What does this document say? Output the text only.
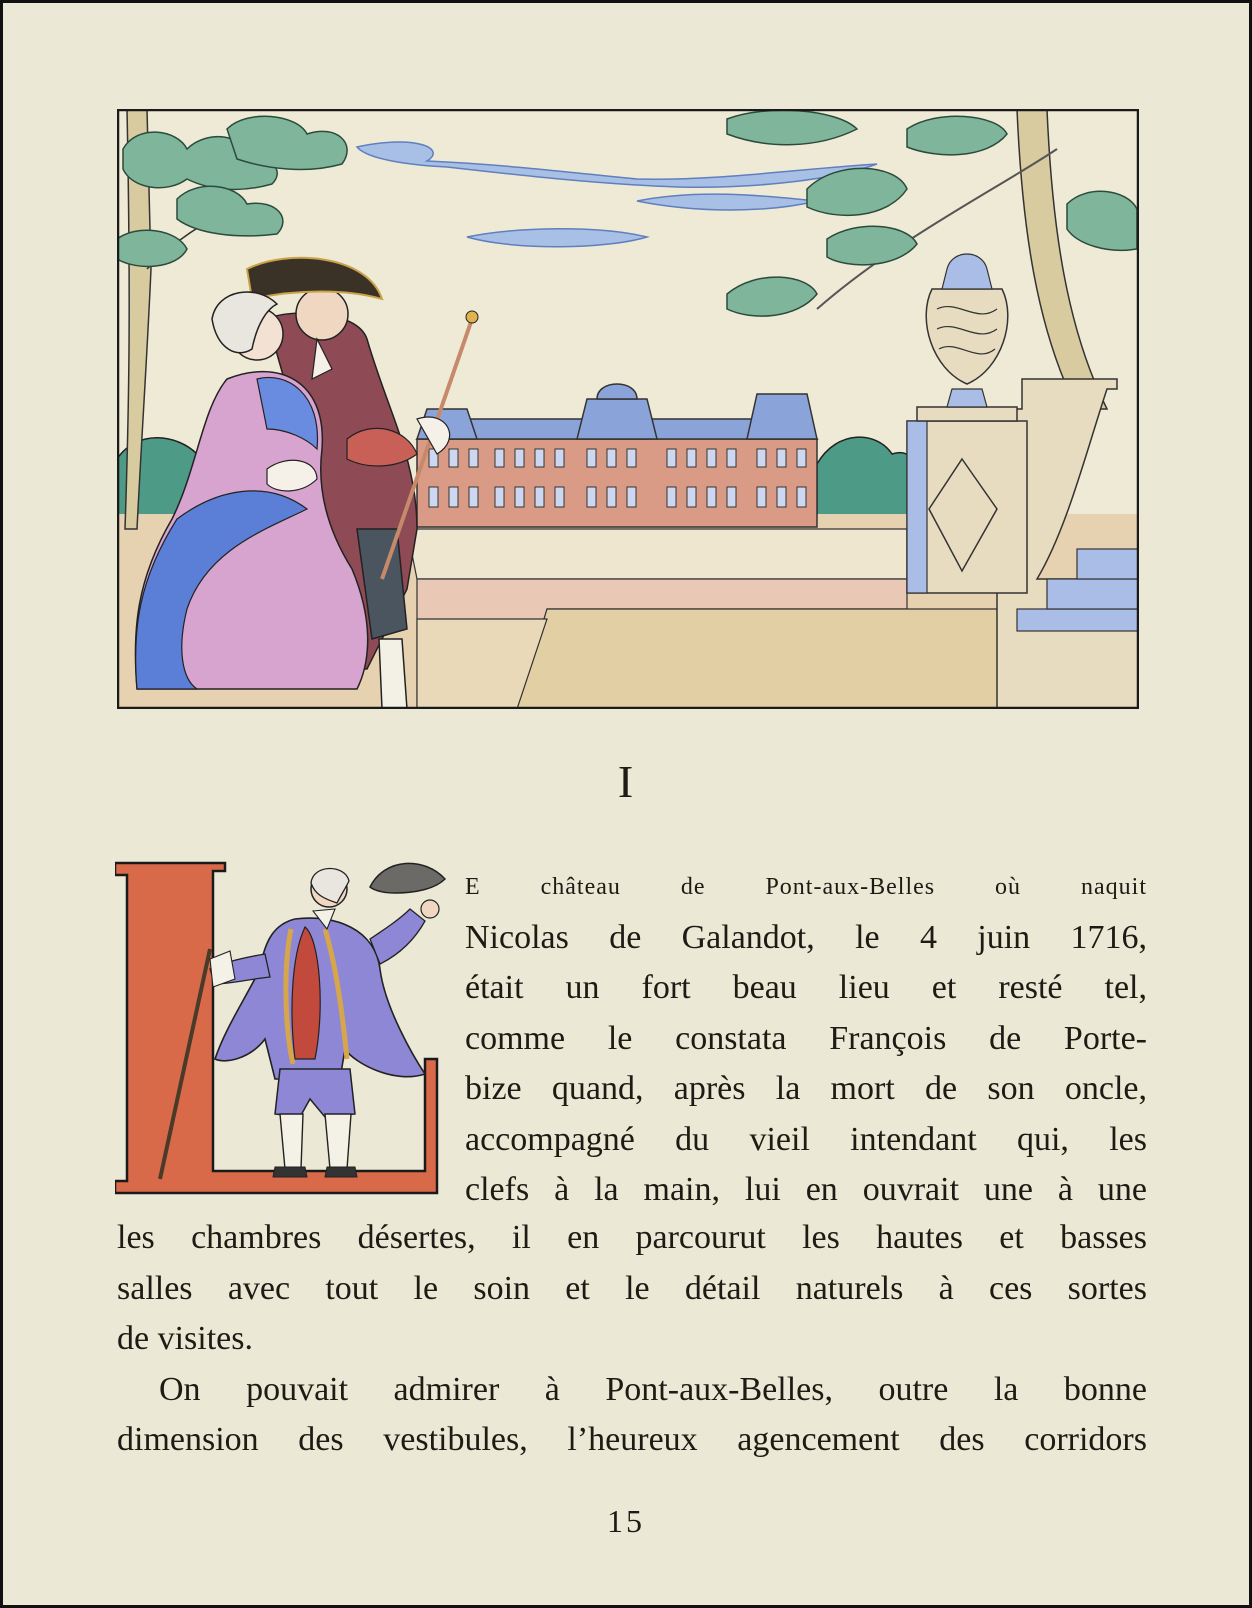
I
L
E château de Pont-aux-Belles où naquit
Nicolas de Galandot, le 4 juin 1716,
était un fort beau lieu et resté tel,
comme le constata François de Porte-
bize quand, après la mort de son oncle,
accompagné du vieil intendant qui, les
clefs à la main, lui en ouvrait une à une
les chambres désertes, il en parcourut les hautes et basses
salles avec tout le soin et le détail naturels à ces sortes
de visites.
On pouvait admirer à Pont-aux-Belles, outre la bonne
dimension des vestibules, l’heureux agencement des corridors
15
